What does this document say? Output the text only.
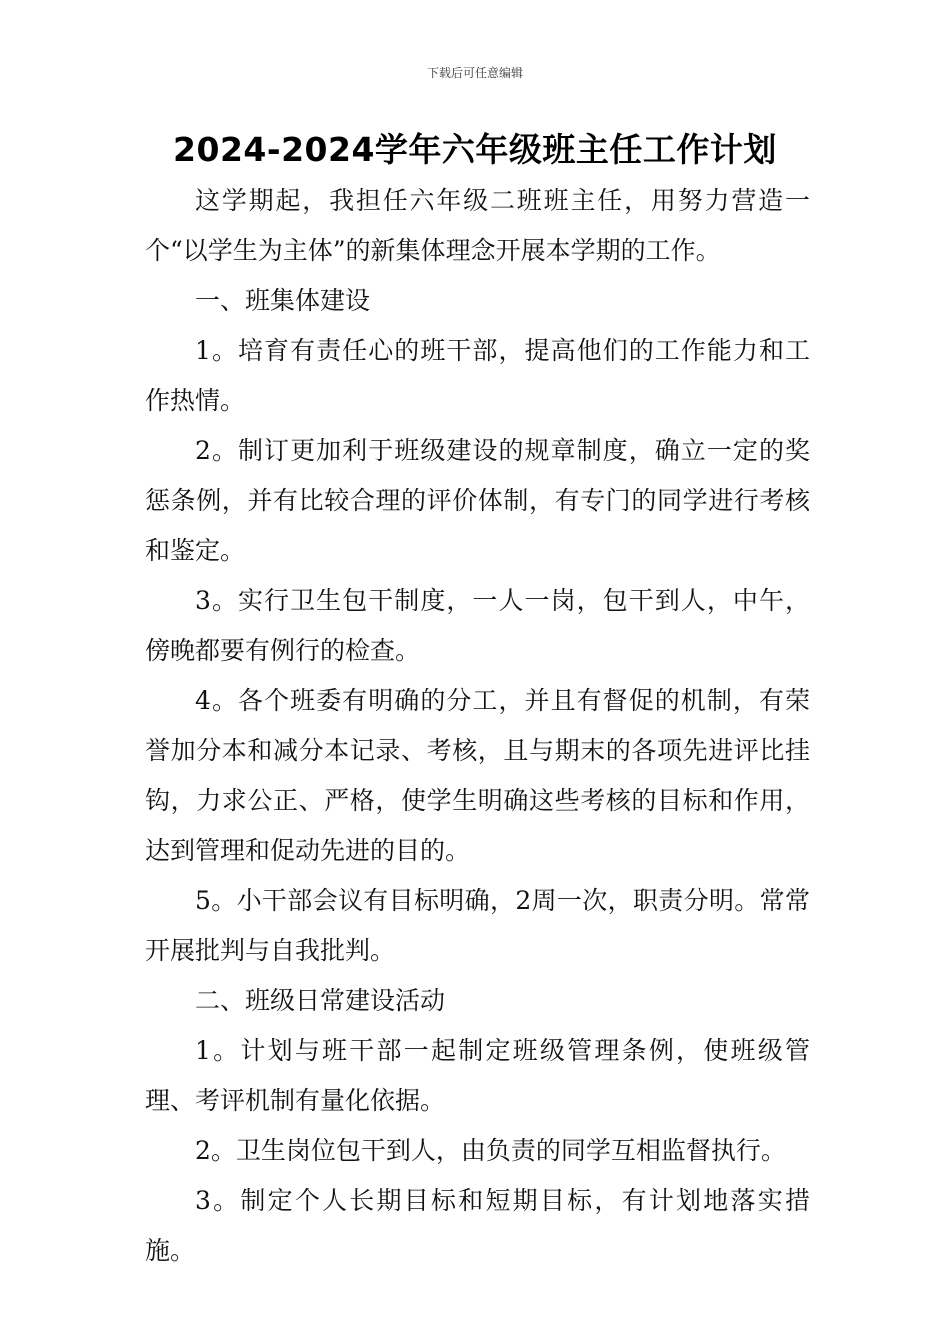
下载后可任意编辑
2024-2024学年六年级班主任工作计划

这学期起，我担任六年级二班班主任，用努力营造一个“以学生为主体”的新集体理念开展本学期的工作。

一、班集体建设

1。培育有责任心的班干部，提高他们的工作能力和工作热情。

2。制订更加利于班级建设的规章制度，确立一定的奖惩条例，并有比较合理的评价体制，有专门的同学进行考核和鉴定。

3。实行卫生包干制度，一人一岗，包干到人，中午，傍晚都要有例行的检查。

4。各个班委有明确的分工，并且有督促的机制，有荣誉加分本和减分本记录、考核，且与期末的各项先进评比挂钩，力求公正、严格，使学生明确这些考核的目标和作用，达到管理和促动先进的目的。

5。小干部会议有目标明确，2周一次，职责分明。常常开展批判与自我批判。

二、班级日常建设活动

1。计划与班干部一起制定班级管理条例，使班级管理、考评机制有量化依据。

2。卫生岗位包干到人，由负责的同学互相监督执行。

3。制定个人长期目标和短期目标，有计划地落实措施。
